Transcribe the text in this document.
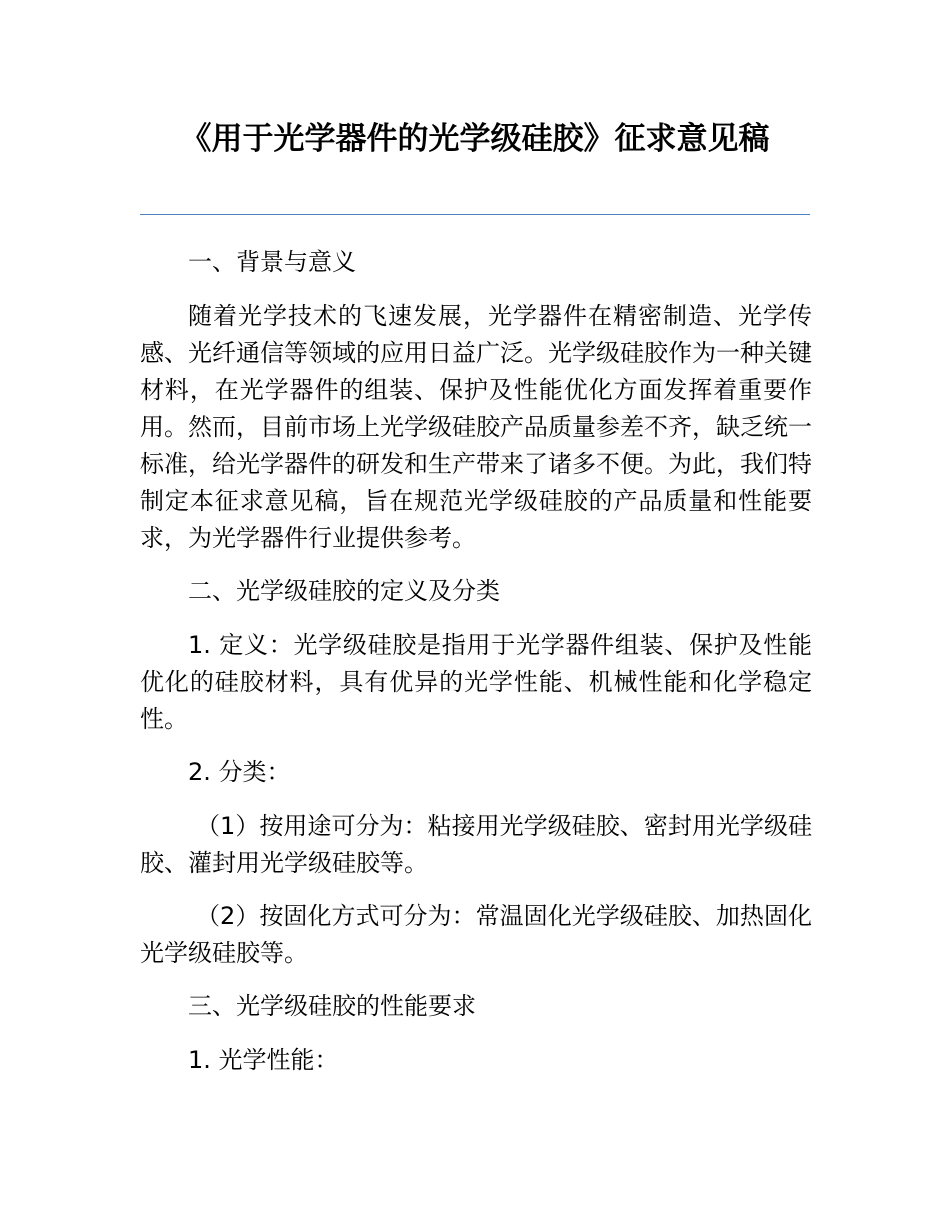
《用于光学器件的光学级硅胶》征求意见稿

一、背景与意义

随着光学技术的飞速发展，光学器件在精密制造、光学传感、光纤通信等领域的应用日益广泛。光学级硅胶作为一种关键材料，在光学器件的组装、保护及性能优化方面发挥着重要作用。然而，目前市场上光学级硅胶产品质量参差不齐，缺乏统一标准，给光学器件的研发和生产带来了诸多不便。为此，我们特制定本征求意见稿，旨在规范光学级硅胶的产品质量和性能要求，为光学器件行业提供参考。

二、光学级硅胶的定义及分类

1. 定义：光学级硅胶是指用于光学器件组装、保护及性能优化的硅胶材料，具有优异的光学性能、机械性能和化学稳定性。

2. 分类：

（1）按用途可分为：粘接用光学级硅胶、密封用光学级硅胶、灌封用光学级硅胶等。

（2）按固化方式可分为：常温固化光学级硅胶、加热固化光学级硅胶等。

三、光学级硅胶的性能要求

1. 光学性能：
